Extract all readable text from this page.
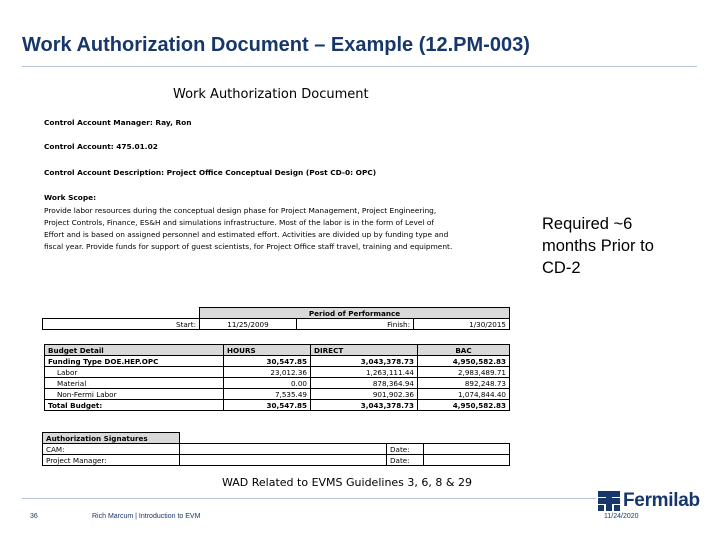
Work Authorization Document – Example (12.PM-003)
Work Authorization Document
Control Account Manager: Ray, Ron
Control Account: 475.01.02
Control Account Description: Project Office Conceptual Design (Post CD-0: OPC)
Work Scope:
Provide labor resources during the conceptual design phase for Project Management, Project Engineering,
Project Controls, Finance, ES&H and simulations infrastructure. Most of the labor is in the form of Level of
Effort and is based on assigned personnel and estimated effort. Activities are divided up by funding type and
fiscal year. Provide funds for support of guest scientists, for Project Office staff travel, training and equipment.
	Period of Performance		
Start:	11/25/2009	Finish:	1/30/2015
Budget Detail	HOURS	DIRECT	BAC
Funding Type DOE.HEP.OPC	30,547.85	3,043,378.73	4,950,582.83
Labor	23,012.36	1,263,111.44	2,983,489.71
Material	0.00	878,364.94	892,248.73
Non-Fermi Labor	7,535.49	901,902.36	1,074,844.40
Total Budget:	30,547.85	3,043,378.73	4,950,582.83
Authorization Signatures			
CAM:		Date:	
Project Manager:		Date:	
Required ~6
months Prior to
CD-2
WAD Related to EVMS Guidelines 3, 6, 8 & 29
36	Rich Marcum | Introduction to EVM
Fermilab
11/24/2020
